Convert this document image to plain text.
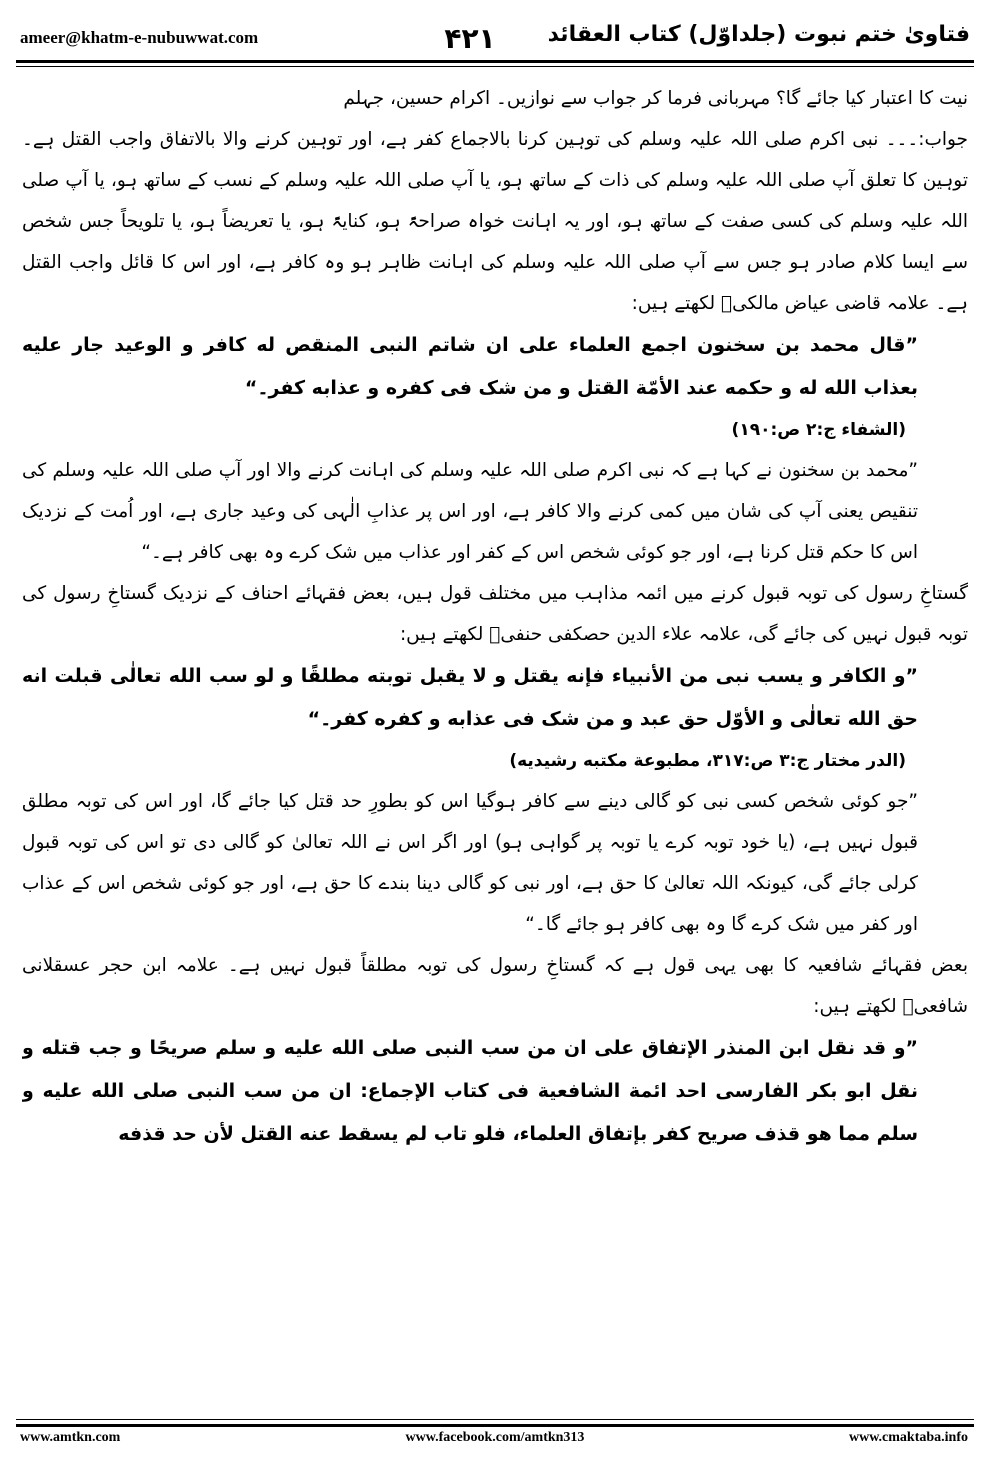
ameer@khatm-e-nubuwwat.com	۴۲۱	فتاویٰ ختم نبوت (جلداوّل) کتاب العقائد

نیت کا اعتبار کیا جائے گا؟ مہربانی فرما کر جواب سے نوازیں۔ اکرام حسین، جہلم

جواب:۔۔۔ نبی اکرم صلی اللہ علیہ وسلم کی توہین کرنا بالاجماع کفر ہے، اور توہین کرنے والا بالاتفاق واجب القتل ہے۔ توہین کا تعلق آپ صلی اللہ علیہ وسلم کی ذات کے ساتھ ہو، یا آپ صلی اللہ علیہ وسلم کے نسب کے ساتھ ہو، یا آپ صلی اللہ علیہ وسلم کی کسی صفت کے ساتھ ہو، اور یہ اہانت خواہ صراحۃً ہو، کنایۃً ہو، یا تعریضاً ہو، یا تلویحاً جس شخص سے ایسا کلام صادر ہو جس سے آپ صلی اللہ علیہ وسلم کی اہانت ظاہر ہو وہ کافر ہے، اور اس کا قائل واجب القتل ہے۔ علامہ قاضی عیاض مالکیؒ لکھتے ہیں:

”قال محمد بن سخنون اجمع العلماء علی ان شاتم النبی المنقص له کافر و الوعید جار علیه بعذاب الله له و حکمه عند الأمّة القتل و من شک فی کفره و عذابه کفر۔“

(الشفاء ج:۲ ص:۱۹۰)

”محمد بن سخنون نے کہا ہے کہ نبی اکرم صلی اللہ علیہ وسلم کی اہانت کرنے والا اور آپ صلی اللہ علیہ وسلم کی تنقیص یعنی آپ کی شان میں کمی کرنے والا کافر ہے، اور اس پر عذابِ الٰہی کی وعید جاری ہے، اور اُمت کے نزدیک اس کا حکم قتل کرنا ہے، اور جو کوئی شخص اس کے کفر اور عذاب میں شک کرے وہ بھی کافر ہے۔“

گستاخِ رسول کی توبہ قبول کرنے میں ائمہ مذاہب میں مختلف قول ہیں، بعض فقہائے احناف کے نزدیک گستاخِ رسول کی توبہ قبول نہیں کی جائے گی، علامہ علاء الدین حصکفی حنفیؒ لکھتے ہیں:

”و الکافر و یسب نبی من الأنبیاء فإنه یقتل و لا یقبل توبته مطلقًا و لو سب الله تعالٰی قبلت انه حق الله تعالٰی و الأوّل حق عبد و من شک فی عذابه و کفره کفر۔“

(الدر مختار ج:۳ ص:۳۱۷، مطبوعة مکتبه رشیدیه)

”جو کوئی شخص کسی نبی کو گالی دینے سے کافر ہوگیا اس کو بطورِ حد قتل کیا جائے گا، اور اس کی توبہ مطلق قبول نہیں ہے، (یا خود توبہ کرے یا توبہ پر گواہی ہو) اور اگر اس نے اللہ تعالیٰ کو گالی دی تو اس کی توبہ قبول کرلی جائے گی، کیونکہ اللہ تعالیٰ کا حق ہے، اور نبی کو گالی دینا بندے کا حق ہے، اور جو کوئی شخص اس کے عذاب اور کفر میں شک کرے گا وہ بھی کافر ہو جائے گا۔“

بعض فقہائے شافعیہ کا بھی یہی قول ہے کہ گستاخِ رسول کی توبہ مطلقاً قبول نہیں ہے۔ علامہ ابن حجر عسقلانی شافعیؒ لکھتے ہیں:

”و قد نقل ابن المنذر الإتفاق علی ان من سب النبی صلی الله علیه و سلم صریحًا و جب قتله و نقل ابو بکر الفارسی احد ائمة الشافعیة فی کتاب الإجماع: ان من سب النبی صلی الله علیه و سلم مما هو قذف صریح کفر بإتفاق العلماء، فلو تاب لم یسقط عنه القتل لأن حد قذفه

www.amtkn.com	www.facebook.com/amtkn313	www.cmaktaba.info
